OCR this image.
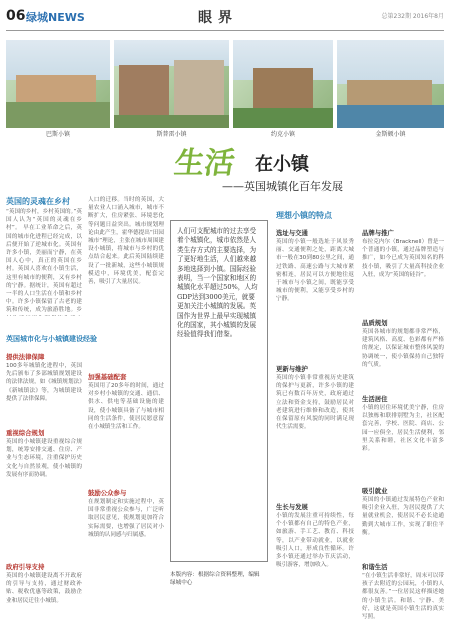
06 绿城NEWS	眼界	总第232期 2016年8月
巴斯小镇	斯普雷小镇	约克小镇	金斯顿小镇
生活 在小镇
——英国城镇化百年发展
英国的灵魂在乡村
“英国的乡村，乡村英国的。”英国人认为“英国的灵魂在乡村”。 早在工业革命之后，英国的城市化进程已经完成，以后便开始了逆城市化。英国有许多小镇，美丽而宁静，在英国人心中，真正的英国在乡村。英国人喜欢在小镇生活，这里有城市的便利，又有乡村的宁静。据统计，英国有超过一半的人口生活在小镇和乡村中。许多小镇保留了古老的建筑和传统，成为旅游胜地。乡
英国城市化与小城镇建设经验
提供法律保障
100多年城镇化进程中，英国先后颁布了多部城镇规划建设的法律法规，如《城镇规划法》《新城镇法》等，为城镇建设提供了法律保障。
重视综合规划
英国的小城镇建设重视综合规划，统筹安排交通、住房、产业与生态环境，注重保护历史文化与自然景观，使小城镇的发展有序而协调。
政府引导支持
英国的小城镇建设离不开政府的引导与支持，通过财政补贴、税收优惠等政策，鼓励企业和居民迁往小城镇。
人口的迁移。当时的英国，大量农业人口涌入城市，城市不断扩大，住房紧张、环境恶化等问题日益突出。城市规划理论由此产生，霍华德提出“田园城市”理论，主张在城市周围建设小城镇，将城市与乡村的优点结合起来。此后英国陆续建设了一批新城，这些小城镇规模适中，环境优美，配套完善，吸引了大量居民。
加强基础配套
英国用了20多年的时间，通过对乡村小城镇的交通、通信、供水、供电等基础设施的建设，使小城镇具备了与城市相同的生活条件，使居民愿意留在小城镇生活和工作。
鼓励公众参与
在规划制定和实施过程中，英国非常重视公众参与，广泛听取居民意见，使规划更加符合实际需要，也增强了居民对小城镇的认同感与归属感。
人们可支配城市的过去享受着个城镇化，城市依然是人类生存方式的主要选择，为了更好地生活，人们越来越多地选择到小镇。国际经验表明，当一个国家和地区的城镇化水平超过50%，人均GDP达到3000美元，就要更加关注小城镇的发展。英国作为世界上最早实现城镇化的国家，其小城镇的发展经验值得我们借鉴。
本版内容：根据综合资料整理，编辑 绿城中心
理想小镇的特点
选址与交通
英国的小镇一般选址于风景秀丽、交通便利之处，距离大城市一般在30到80公里之间，通过铁路、高速公路与大城市紧密相连，居民可以方便地往返于城市与小镇之间，既能享受城市的便利，又能享受乡村的宁静。
更新与维护
英国的小镇非常重视历史建筑的保护与更新，许多小镇的建筑已有数百年历史，政府通过立法和资金支持，鼓励居民对老建筑进行维修和改造，使其在保留原有风貌的同时满足现代生活需要。
生长与发展
小镇的发展注重可持续性，每个小镇都有自己的特色产业，如旅游、手工艺、教育、科技等，以产业带动就业，以就业吸引人口，形成良性循环。许多小镇还通过举办节庆活动，吸引游客，增加收入。
品牌与推广
布拉克内尔（Bracknell）曾是一个普通的小镇，通过品牌塑造与推广，如今已成为英国知名的科技小镇，吸引了大量高科技企业入驻，成为“英国的硅谷”。
品质规划
英国各城市的规划都非常严格，建筑风格、高度、色彩都有严格的规定，以保证城市整体风貌的协调统一，使小镇保持自己独特的气质。
生活居住
小镇的居住环境优美宁静，住房以独栋和联排别墅为主，社区配套完善，学校、医院、商店、公园一应俱全，居民生活便利，邻里关系和睦，社区文化丰富多彩。
吸引就业
英国的小镇通过发展特色产业和吸引企业入驻，为居民提供了大量就业机会，使居民不必长途通勤到大城市工作，实现了职住平衡。
和谐生活
“在小镇生活非常好，周末可以带孩子去附近的公园玩，小镇的人都很友善。”一位居民这样描述她的小镇生活。和谐、宁静、美好，这就是英国小镇生活的真实写照。
